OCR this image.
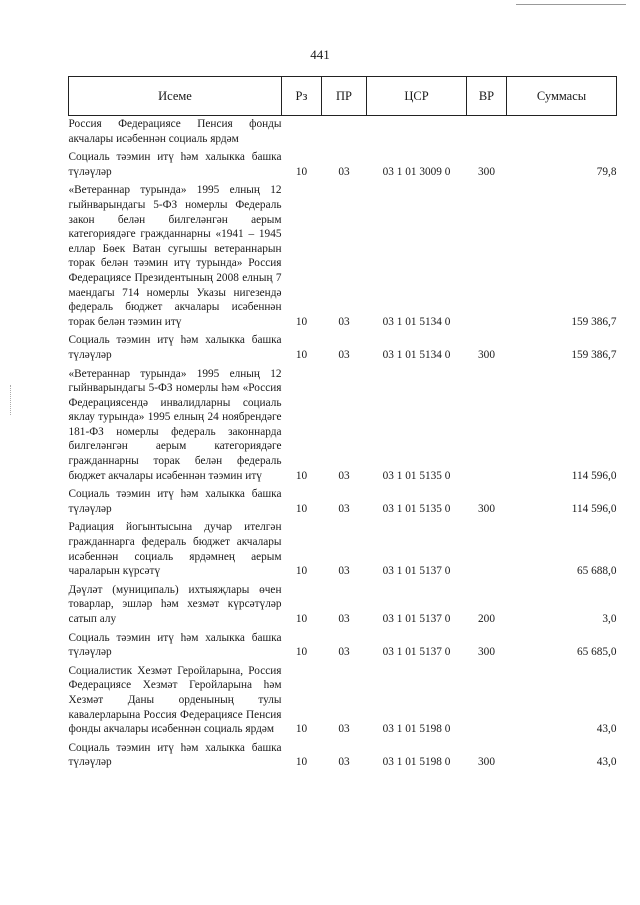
441
Исеме	Рз	ПР	ЦСР	ВР	Суммасы
Россия Федерациясе Пенсия фонды акчалары исәбеннән социаль ярдәм					

Социаль тәэмин итү һәм халыкка башка түләүләр	10	03	03 1 01 3009 0	300	79,8

«Ветераннар турында» 1995 елның 12 гыйнварындагы 5-ФЗ номерлы Федераль закон белән билгеләнгән аерым категориядәге гражданнарны «1941 – 1945 еллар Бөек Ватан сугышы ветераннарын торак белән тәэмин итү турында» Россия Федерациясе Президентының 2008 елның 7 маендагы 714 номерлы Указы нигезендә федераль бюджет акчалары исәбеннән торак белән тәэмин итү	10	03	03 1 01 5134 0		159 386,7

Социаль тәэмин итү һәм халыкка башка түләүләр	10	03	03 1 01 5134 0	300	159 386,7

«Ветераннар турында» 1995 елның 12 гыйнварындагы 5-ФЗ номерлы һәм «Россия Федерациясендә инвалидларны социаль яклау турында» 1995 елның 24 ноябрендәге 181-ФЗ номерлы федераль законнарда билгеләнгән аерым категориядәге гражданнарны торак белән федераль бюджет акчалары исәбеннән тәэмин итү	10	03	03 1 01 5135 0		114 596,0

Социаль тәэмин итү һәм халыкка башка түләүләр	10	03	03 1 01 5135 0	300	114 596,0

Радиация йогынтысына дучар ителгән гражданнарга федераль бюджет акчалары исәбеннән социаль ярдәмнең аерым чараларын күрсәтү	10	03	03 1 01 5137 0		65 688,0

Дәүләт (муниципаль) ихтыяҗлары өчен товарлар, эшләр һәм хезмәт күрсәтүләр сатып алу	10	03	03 1 01 5137 0	200	3,0

Социаль тәэмин итү һәм халыкка башка түләүләр	10	03	03 1 01 5137 0	300	65 685,0

Социалистик Хезмәт Геройларына, Россия Федерациясе Хезмәт Геройларына һәм Хезмәт Даны орденының тулы кавалерларына Россия Федерациясе Пенсия фонды акчалары исәбеннән социаль ярдәм	10	03	03 1 01 5198 0		43,0

Социаль тәэмин итү һәм халыкка башка түләүләр	10	03	03 1 01 5198 0	300	43,0
